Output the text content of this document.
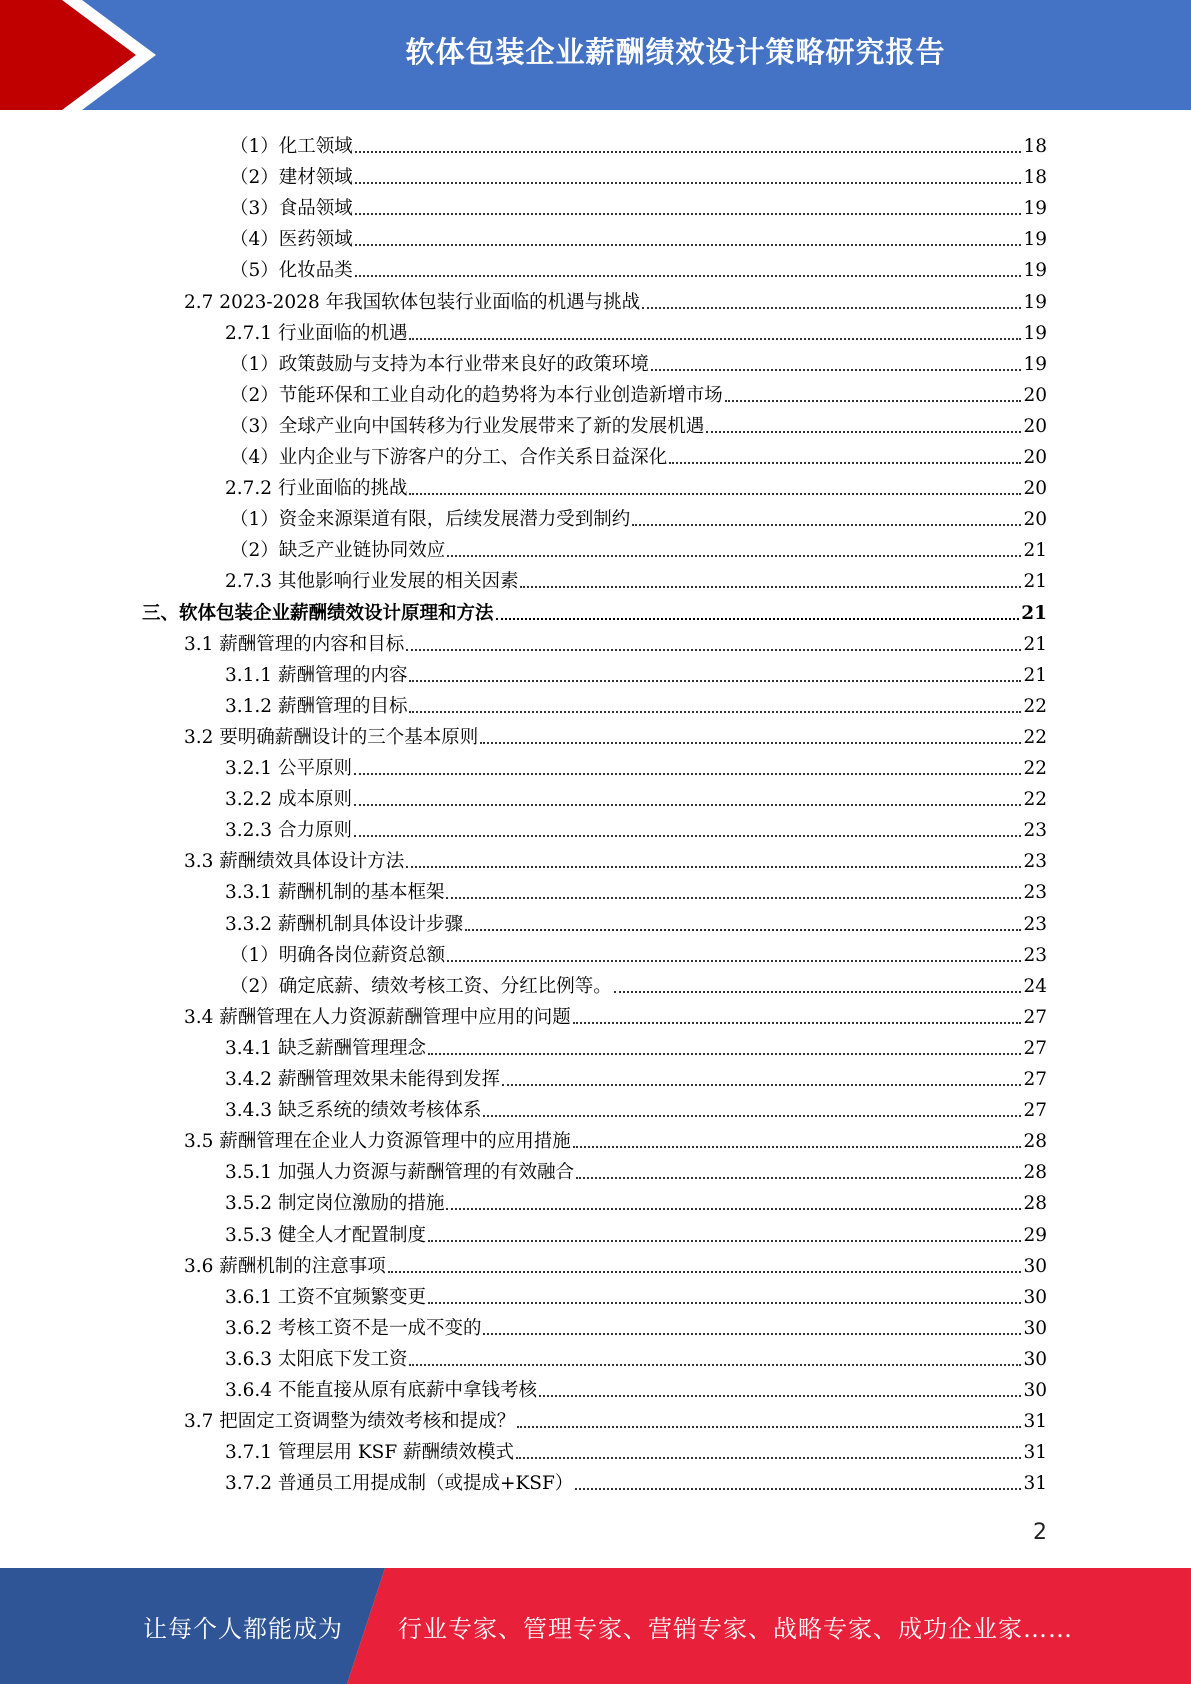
软体包装企业薪酬绩效设计策略研究报告
（1）化工领域	18
（2）建材领域	18
（3）食品领域	19
（4）医药领域	19
（5）化妆品类	19
2.7 2023-2028 年我国软体包装行业面临的机遇与挑战	19
2.7.1 行业面临的机遇	19
（1）政策鼓励与支持为本行业带来良好的政策环境	19
（2）节能环保和工业自动化的趋势将为本行业创造新增市场	20
（3）全球产业向中国转移为行业发展带来了新的发展机遇	20
（4）业内企业与下游客户的分工、合作关系日益深化	20
2.7.2 行业面临的挑战	20
（1）资金来源渠道有限，后续发展潜力受到制约	20
（2）缺乏产业链协同效应	21
2.7.3 其他影响行业发展的相关因素	21
三、软体包装企业薪酬绩效设计原理和方法	21
3.1 薪酬管理的内容和目标	21
3.1.1 薪酬管理的内容	21
3.1.2 薪酬管理的目标	22
3.2 要明确薪酬设计的三个基本原则	22
3.2.1 公平原则	22
3.2.2 成本原则	22
3.2.3 合力原则	23
3.3 薪酬绩效具体设计方法	23
3.3.1 薪酬机制的基本框架	23
3.3.2 薪酬机制具体设计步骤	23
（1）明确各岗位薪资总额	23
（2）确定底薪、绩效考核工资、分红比例等。	24
3.4 薪酬管理在人力资源薪酬管理中应用的问题	27
3.4.1 缺乏薪酬管理理念	27
3.4.2 薪酬管理效果未能得到发挥	27
3.4.3 缺乏系统的绩效考核体系	27
3.5 薪酬管理在企业人力资源管理中的应用措施	28
3.5.1 加强人力资源与薪酬管理的有效融合	28
3.5.2 制定岗位激励的措施	28
3.5.3 健全人才配置制度	29
3.6 薪酬机制的注意事项	30
3.6.1 工资不宜频繁变更	30
3.6.2 考核工资不是一成不变的	30
3.6.3 太阳底下发工资	30
3.6.4 不能直接从原有底薪中拿钱考核	30
3.7 把固定工资调整为绩效考核和提成？	31
3.7.1 管理层用 KSF 薪酬绩效模式	31
3.7.2 普通员工用提成制（或提成+KSF）	31
2
让每个人都能成为 行业专家、管理专家、营销专家、战略专家、成功企业家……
